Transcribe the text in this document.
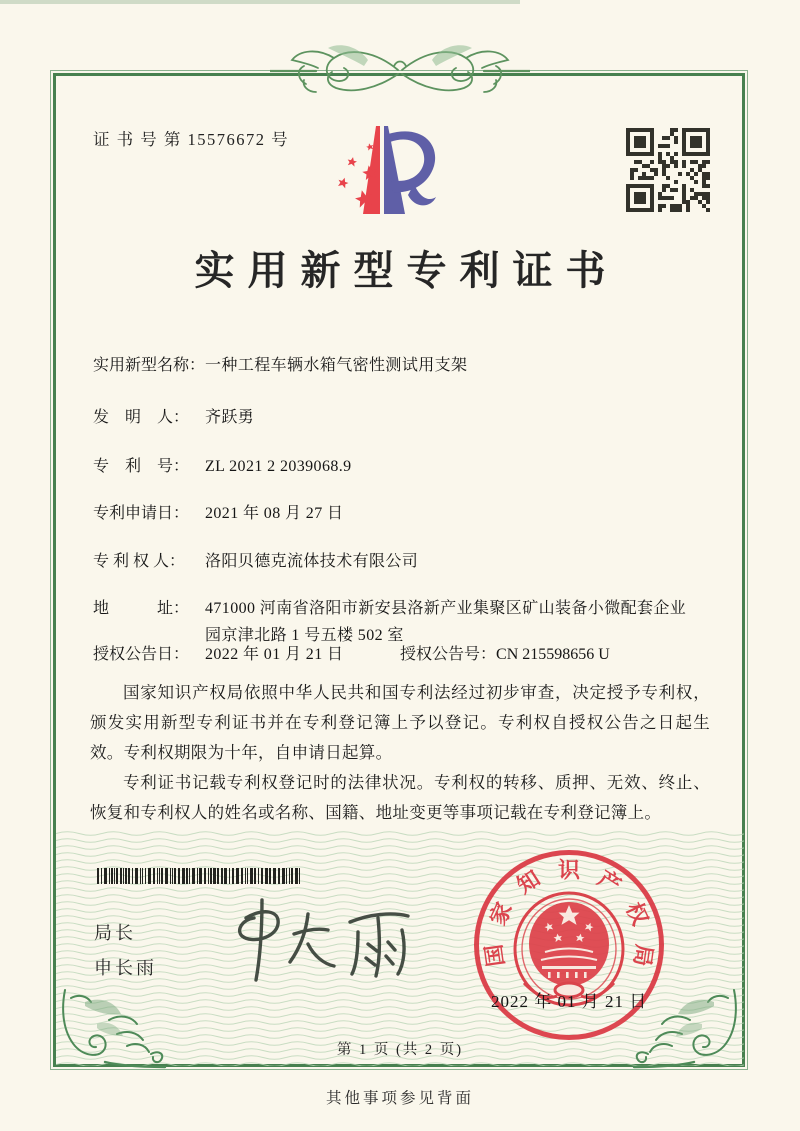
证 书 号 第 15576672 号
实用新型专利证书
实用新型名称： 一种工程车辆水箱气密性测试用支架
发　明　人： 齐跃勇
专　利　号： ZL 2021 2 2039068.9
专利申请日： 2021 年 08 月 27 日
专 利 权 人：	洛阳贝德克流体技术有限公司
地　　　址： 471000 河南省洛阳市新安县洛新产业集聚区矿山装备小微配套企业园京津北路 1 号五楼 502 室
授权公告日： 2022 年 01 月 21 日	授权公告号： CN 215598656 U

国家知识产权局依照中华人民共和国专利法经过初步审查，决定授予专利权，颁发实用新型专利证书并在专利登记簿上予以登记。专利权自授权公告之日起生效。专利权期限为十年，自申请日起算。

专利证书记载专利权登记时的法律状况。专利权的转移、质押、无效、终止、恢复和专利权人的姓名或名称、国籍、地址变更等事项记载在专利登记簿上。

局长
申长雨	国
家
知 识 产
权
局
2022 年 01 月 21 日
第 1 页 (共 2 页)
其他事项参见背面
